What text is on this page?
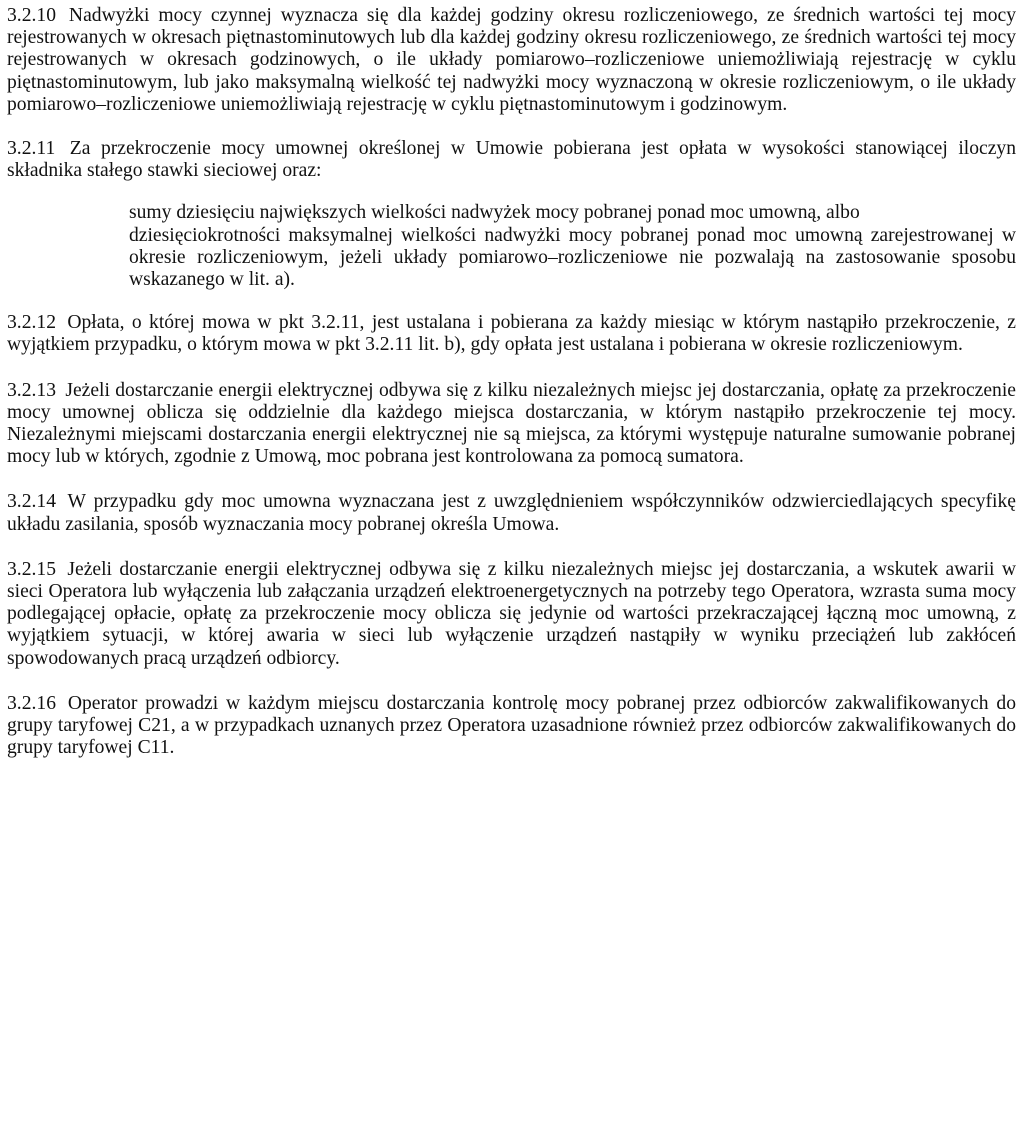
3.2.10 Nadwyżki mocy czynnej wyznacza się dla każdej godziny okresu rozliczeniowego, ze średnich wartości tej mocy rejestrowanych w okresach piętnastominutowych lub dla każdej godziny okresu rozliczeniowego, ze średnich wartości tej mocy rejestrowanych w okresach godzinowych, o ile układy pomiarowo–rozliczeniowe uniemożliwiają rejestrację w cyklu piętnastominutowym, lub jako maksymalną wielkość tej nadwyżki mocy wyznaczoną w okresie rozliczeniowym, o ile układy pomiarowo–rozliczeniowe uniemożliwiają rejestrację w cyklu piętnastominutowym i godzinowym.

3.2.11 Za przekroczenie mocy umownej określonej w Umowie pobierana jest opłata w wysokości stanowiącej iloczyn składnika stałego stawki sieciowej oraz:

sumy dziesięciu największych wielkości nadwyżek mocy pobranej ponad moc umowną, albo

dziesięciokrotności maksymalnej wielkości nadwyżki mocy pobranej ponad moc umowną zarejestrowanej w okresie rozliczeniowym, jeżeli układy pomiarowo–rozliczeniowe nie pozwalają na zastosowanie sposobu wskazanego w lit. a).

3.2.12 Opłata, o której mowa w pkt 3.2.11, jest ustalana i pobierana za każdy miesiąc w którym nastąpiło przekroczenie, z wyjątkiem przypadku, o którym mowa w pkt 3.2.11 lit. b), gdy opłata jest ustalana i pobierana w okresie rozliczeniowym.

3.2.13 Jeżeli dostarczanie energii elektrycznej odbywa się z kilku niezależnych miejsc jej dostarczania, opłatę za przekroczenie mocy umownej oblicza się oddzielnie dla każdego miejsca dostarczania, w którym nastąpiło przekroczenie tej mocy. Niezależnymi miejscami dostarczania energii elektrycznej nie są miejsca, za którymi występuje naturalne sumowanie pobranej mocy lub w których, zgodnie z Umową, moc pobrana jest kontrolowana za pomocą sumatora.

3.2.14 W przypadku gdy moc umowna wyznaczana jest z uwzględnieniem współczynników odzwierciedlających specyfikę układu zasilania, sposób wyznaczania mocy pobranej określa Umowa.

3.2.15 Jeżeli dostarczanie energii elektrycznej odbywa się z kilku niezależnych miejsc jej dostarczania, a wskutek awarii w sieci Operatora lub wyłączenia lub załączania urządzeń elektroenergetycznych na potrzeby tego Operatora, wzrasta suma mocy podlegającej opłacie, opłatę za przekroczenie mocy oblicza się jedynie od wartości przekraczającej łączną moc umowną, z wyjątkiem sytuacji, w której awaria w sieci lub wyłączenie urządzeń nastąpiły w wyniku przeciążeń lub zakłóceń spowodowanych pracą urządzeń odbiorcy.

3.2.16 Operator prowadzi w każdym miejscu dostarczania kontrolę mocy pobranej przez odbiorców zakwalifikowanych do grupy taryfowej C21, a w przypadkach uznanych przez Operatora uzasadnione również przez odbiorców zakwalifikowanych do grupy taryfowej C11.
